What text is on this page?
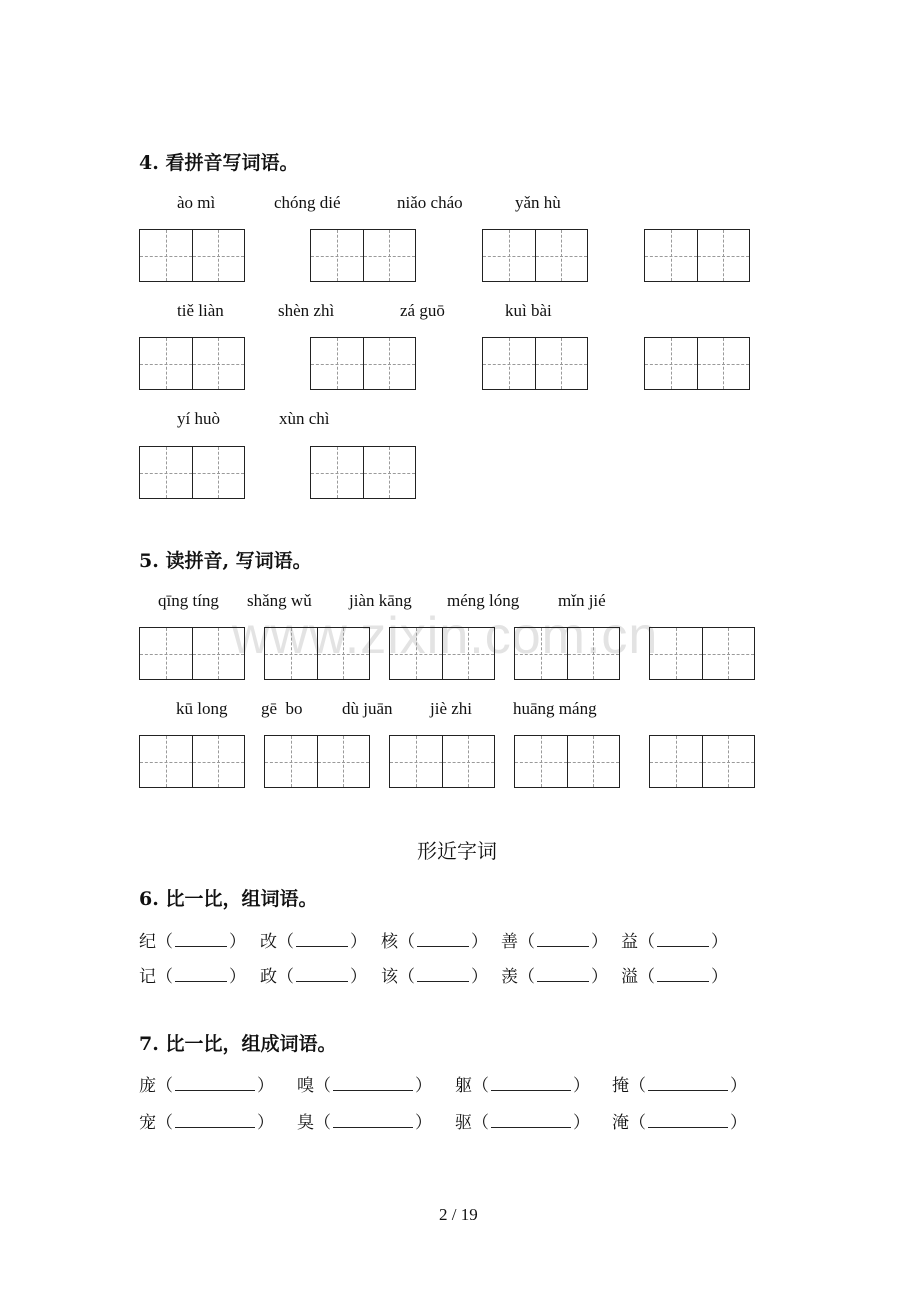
www.zixin.com.cn
4. 看拼音写词语。
ào mì	chóng dié	niǎo cháo	yǎn hù
tiě liàn	shèn zhì	zá guō	kuì bài
yí huò	xùn chì
5. 读拼音, 写词语。
qīng tíng shǎng wǔ jiàn kāng méng lóng mǐn jié
kū long gē  bo dù juān jiè zhi huāng máng
形近字词
6. 比一比，组词语。
纪（	） 改（	） 核（	） 善（	） 益（	）
记（	） 政（	） 该（	） 羡（	） 溢（	）
7. 比一比，组成词语。
庞（	） 嗅（	） 躯（	） 掩（	）
宠（	） 臭（	） 驱（	） 淹（	）
2 / 19
